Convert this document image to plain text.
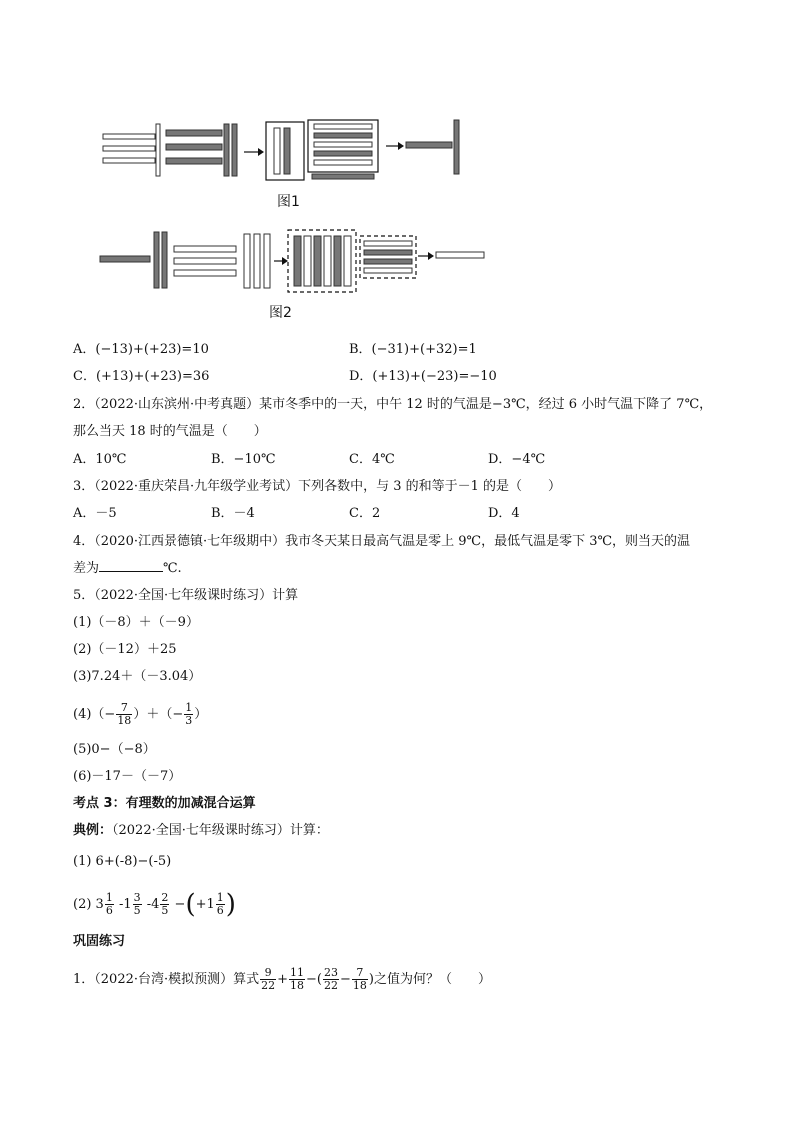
图1
图2
A．(−13)+(+23)=10	B．(−31)+(+32)=1
C．(+13)+(+23)=36	D．(+13)+(−23)=−10
2．（2022·山东滨州·中考真题）某市冬季中的一天，中午 12 时的气温是−3℃，经过 6 小时气温下降了 7℃，
那么当天 18 时的气温是（　　）
A．10℃	B．−10℃	C．4℃	D．−4℃
3．（2022·重庆荣昌·九年级学业考试）下列各数中，与 3 的和等于－1 的是（　　）
A．－5	B．－4	C．2	D．4
4．（2020·江西景德镇·七年级期中）我市冬天某日最高气温是零上 9℃，最低气温是零下 3℃，则当天的温
差为	℃.
5．（2022·全国·七年级课时练习）计算
(1)（－8）＋（－9）
(2)（－12）＋25
(3)7.24＋（－3.04）
$(4)(- \frac{7}{18}$ ）＋（− $\frac{1}{3}$ ）
(5)0−（−8）
(6)－17－（－7）
考点 3：有理数的加减混合运算
典例：（2022·全国·七年级课时练习）计算：
(1) 6+(-8)−(-5)
(2) $3 \frac{1}{6} -1 \frac{3}{5} -4 \frac{2}{5} -(+1 \frac{1}{6}$ )
巩固练习
1．（2022·台湾·模拟预测）算式 $\frac{9}{22} + \frac{11}{18}$ −( $\frac{23}{22} - \frac{7}{18}$ )之值为何？（　　）
